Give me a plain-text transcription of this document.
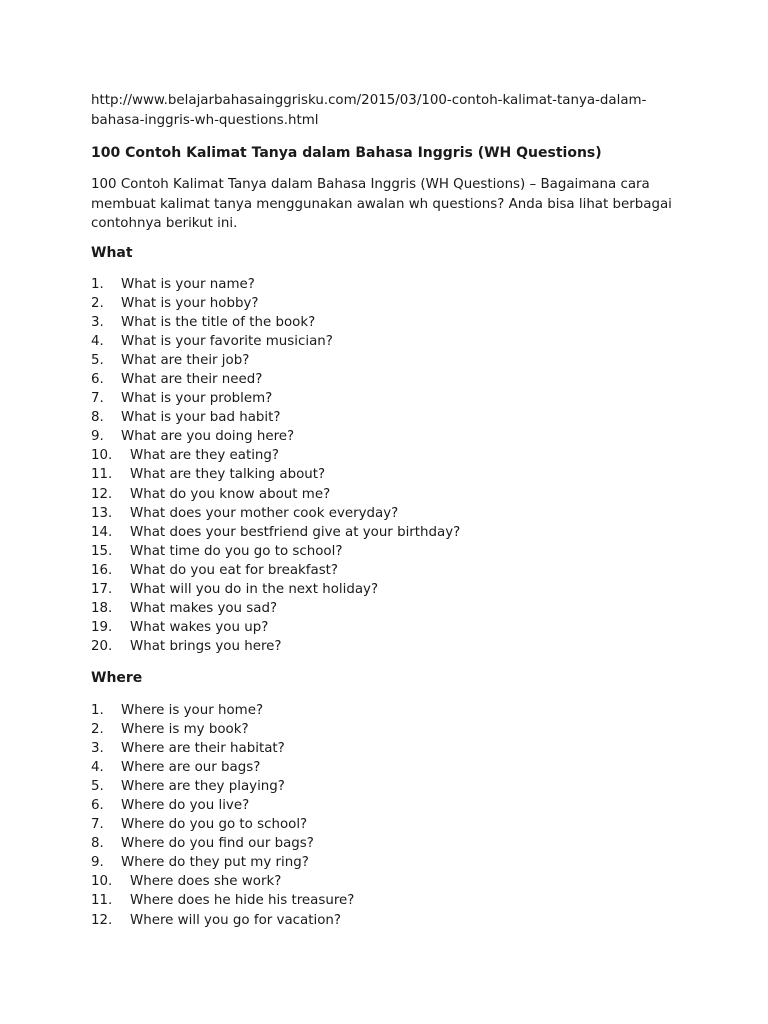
http://www.belajarbahasainggrisku.com/2015/03/100-contoh-kalimat-tanya-dalam-bahasa-inggris-wh-questions.html

100 Contoh Kalimat Tanya dalam Bahasa Inggris (WH Questions)

100 Contoh Kalimat Tanya dalam Bahasa Inggris (WH Questions) – Bagaimana cara membuat kalimat tanya menggunakan awalan wh questions? Anda bisa lihat berbagai contohnya berikut ini.

What

1. What is your name?
2. What is your hobby?
3. What is the title of the book?
4. What is your favorite musician?
5. What are their job?
6. What are their need?
7. What is your problem?
8. What is your bad habit?
9. What are you doing here?
10. What are they eating?
11. What are they talking about?
12. What do you know about me?
13. What does your mother cook everyday?
14. What does your bestfriend give at your birthday?
15. What time do you go to school?
16. What do you eat for breakfast?
17. What will you do in the next holiday?
18. What makes you sad?
19. What wakes you up?
20. What brings you here?

Where

1. Where is your home?
2. Where is my book?
3. Where are their habitat?
4. Where are our bags?
5. Where are they playing?
6. Where do you live?
7. Where do you go to school?
8. Where do you find our bags?
9. Where do they put my ring?
10. Where does she work?
11. Where does he hide his treasure?
12. Where will you go for vacation?
